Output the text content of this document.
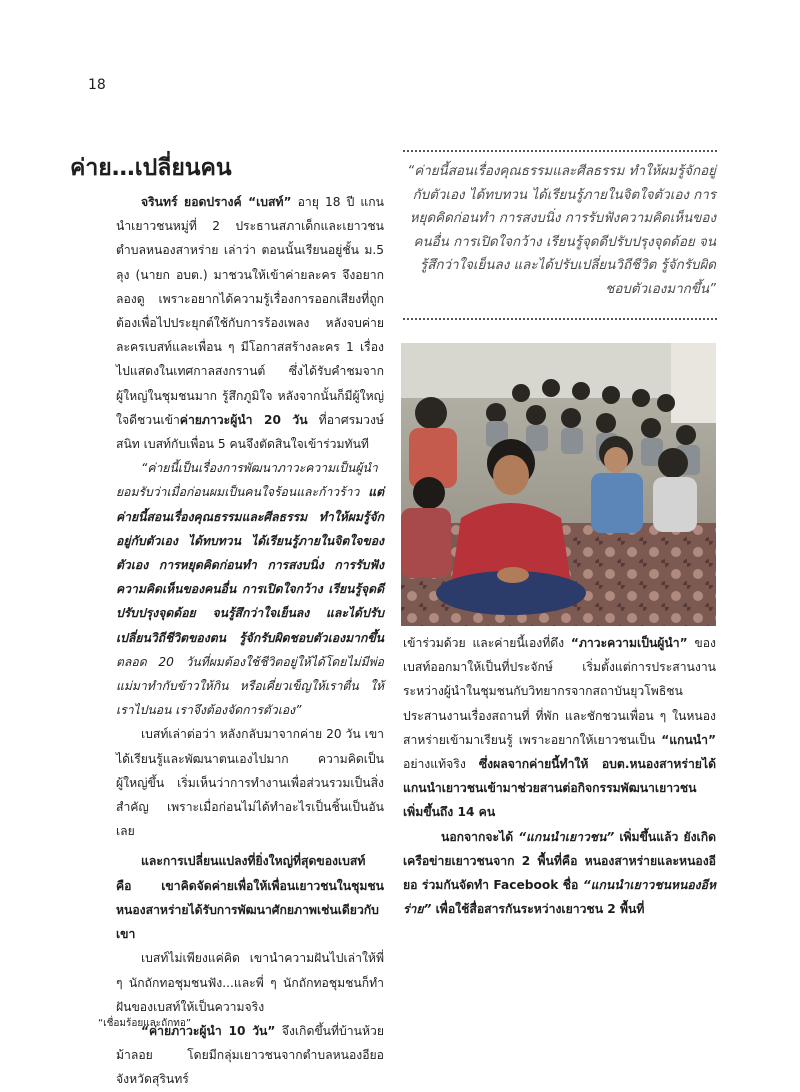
18
ค่าย…เปลี่ยนคน

จรินทร์ ยอดปรางค์ “เบสท์” อายุ 18 ปี แกนนำเยาวชนหมู่ที่ 2 ประธานสภาเด็กและเยาวชนตำบลหนองสาหร่าย เล่าว่า ตอนนั้นเรียนอยู่ชั้น ม.5 ลุง (นายก อบต.) มาชวนให้เข้าค่ายละคร จึงอยากลองดู เพราะอยากได้ความรู้เรื่องการออกเสียงที่ถูกต้องเพื่อไปประยุกต์ใช้กับการร้องเพลง หลังจบค่ายละครเบสท์และเพื่อน ๆ มีโอกาสสร้างละคร 1 เรื่อง ไปแสดงในเทศกาลสงกรานต์ ซึ่งได้รับคำชมจากผู้ใหญ่ในชุมชนมาก รู้สึกภูมิใจ หลังจากนั้นก็มีผู้ใหญ่ใจดีชวนเข้าค่ายภาวะผู้นำ 20 วัน ที่อาศรมวงษ์สนิท เบสท์กับเพื่อน 5 คนจึงตัดสินใจเข้าร่วมทันที

“ค่ายนี้เป็นเรื่องการพัฒนาภาวะความเป็นผู้นำ ยอมรับว่าเมื่อก่อนผมเป็นคนใจร้อนและก้าวร้าว แต่ค่ายนี้สอนเรื่องคุณธรรมและศีลธรรม ทำให้ผมรู้จักอยู่กับตัวเอง ได้ทบทวน ได้เรียนรู้ภายในจิตใจของตัวเอง การหยุดคิดก่อนทำ การสงบนิ่ง การรับฟังความคิดเห็นของคนอื่น การเปิดใจกว้าง เรียนรู้จุดดี ปรับปรุงจุดด้อย จนรู้สึกว่าใจเย็นลง และได้ปรับเปลี่ยนวิถีชีวิตของตน รู้จักรับผิดชอบตัวเองมากขึ้น ตลอด 20 วันที่ผมต้องใช้ชีวิตอยู่ให้ได้โดยไม่มีพ่อแม่มาทำกับข้าวให้กิน หรือเคี่ยวเข็ญให้เราตื่น ให้เราไปนอน เราจึงต้องจัดการตัวเอง”

เบสท์เล่าต่อว่า หลังกลับมาจากค่าย 20 วัน เขาได้เรียนรู้และพัฒนาตนเองไปมาก ความคิดเป็นผู้ใหญ่ขึ้น เริ่มเห็นว่าการทำงานเพื่อส่วนรวมเป็นสิ่งสำคัญ เพราะเมื่อก่อนไม่ได้ทำอะไรเป็นชิ้นเป็นอันเลย

และการเปลี่ยนแปลงที่ยิ่งใหญ่ที่สุดของเบสท์ คือ เขาคิดจัดค่ายเพื่อให้เพื่อนเยาวชนในชุมชนหนองสาหร่ายได้รับการพัฒนาศักยภาพเช่นเดียวกับเขา

เบสท์ไม่เพียงแค่คิด เขานำความฝันไปเล่าให้พี่ ๆ นักถักทอชุมชนฟัง...และพี่ ๆ นักถักทอชุมชนก็ทำฝันของเบสท์ให้เป็นความจริง

“ค่ายภาวะผู้นำ 10 วัน” จึงเกิดขึ้นที่บ้านห้วยม้าลอย โดยมีกลุ่มเยาวชนจากตำบลหนองอียอ จังหวัดสุรินทร์

“ค่ายนี้สอนเรื่องคุณธรรมและศีลธรรม ทำให้ผมรู้จักอยู่กับตัวเอง ได้ทบทวน ได้เรียนรู้ภายในจิตใจตัวเอง การหยุดคิดก่อนทำ การสงบนิ่ง การรับฟังความคิดเห็นของคนอื่น การเปิดใจกว้าง เรียนรู้จุดดีปรับปรุงจุดด้อย จนรู้สึกว่าใจเย็นลง และได้ปรับเปลี่ยนวิถีชีวิต รู้จักรับผิดชอบตัวเองมากขึ้น”

เข้าร่วมด้วย และค่ายนี้เองที่ดึง “ภาวะความเป็นผู้นำ” ของเบสท์ออกมาให้เป็นที่ประจักษ์ เริ่มตั้งแต่การประสานงานระหว่างผู้นำในชุมชนกับวิทยากรจากสถาบันยุวโพธิชน ประสานงานเรื่องสถานที่ ที่พัก และชักชวนเพื่อน ๆ ในหนองสาหร่ายเข้ามาเรียนรู้ เพราะอยากให้เยาวชนเป็น “แกนนำ” อย่างแท้จริง ซึ่งผลจากค่ายนี้ทำให้ อบต.หนองสาหร่ายได้แกนนำเยาวชนเข้ามาช่วยสานต่อกิจกรรมพัฒนาเยาวชนเพิ่มขึ้นถึง 14 คน

นอกจากจะได้ “แกนนำเยาวชน” เพิ่มขึ้นแล้ว ยังเกิดเครือข่ายเยาวชนจาก 2 พื้นที่คือ หนองสาหร่ายและหนองอียอ ร่วมกันจัดทำ Facebook ชื่อ “แกนนำเยาวชนหนองอีหร่าย” เพื่อใช้สื่อสารกันระหว่างเยาวชน 2 พื้นที่

“เชื่อมร้อยและถักทอ”
